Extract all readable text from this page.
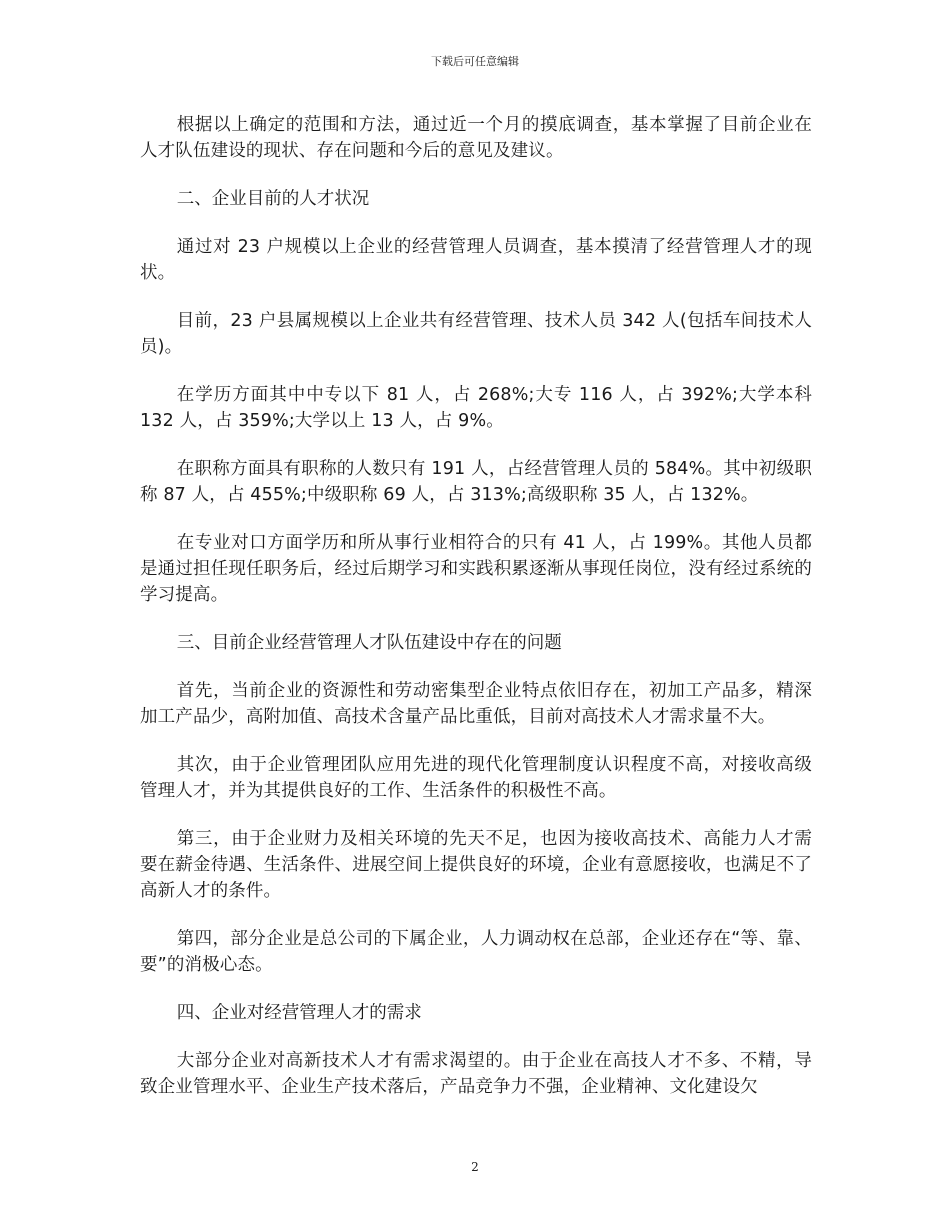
下载后可任意编辑

根据以上确定的范围和方法，通过近一个月的摸底调查，基本掌握了目前企业在人才队伍建设的现状、存在问题和今后的意见及建议。

二、企业目前的人才状况

通过对 23 户规模以上企业的经营管理人员调查，基本摸清了经营管理人才的现状。

目前，23 户县属规模以上企业共有经营管理、技术人员 342 人(包括车间技术人员)。

在学历方面其中中专以下 81 人，占 268%;大专 116 人，占 392%;大学本科 132 人，占 359%;大学以上 13 人，占 9%。

在职称方面具有职称的人数只有 191 人，占经营管理人员的 584%。其中初级职称 87 人，占 455%;中级职称 69 人，占 313%;高级职称 35 人，占 132%。

在专业对口方面学历和所从事行业相符合的只有 41 人，占 199%。其他人员都是通过担任现任职务后，经过后期学习和实践积累逐渐从事现任岗位，没有经过系统的学习提高。

三、目前企业经营管理人才队伍建设中存在的问题

首先，当前企业的资源性和劳动密集型企业特点依旧存在，初加工产品多，精深加工产品少，高附加值、高技术含量产品比重低，目前对高技术人才需求量不大。

其次，由于企业管理团队应用先进的现代化管理制度认识程度不高，对接收高级管理人才，并为其提供良好的工作、生活条件的积极性不高。

第三，由于企业财力及相关环境的先天不足，也因为接收高技术、高能力人才需要在薪金待遇、生活条件、进展空间上提供良好的环境，企业有意愿接收，也满足不了高新人才的条件。

第四，部分企业是总公司的下属企业，人力调动权在总部，企业还存在“等、靠、要”的消极心态。

四、企业对经营管理人才的需求

大部分企业对高新技术人才有需求渴望的。由于企业在高技人才不多、不精，导致企业管理水平、企业生产技术落后，产品竞争力不强，企业精神、文化建设欠

2
